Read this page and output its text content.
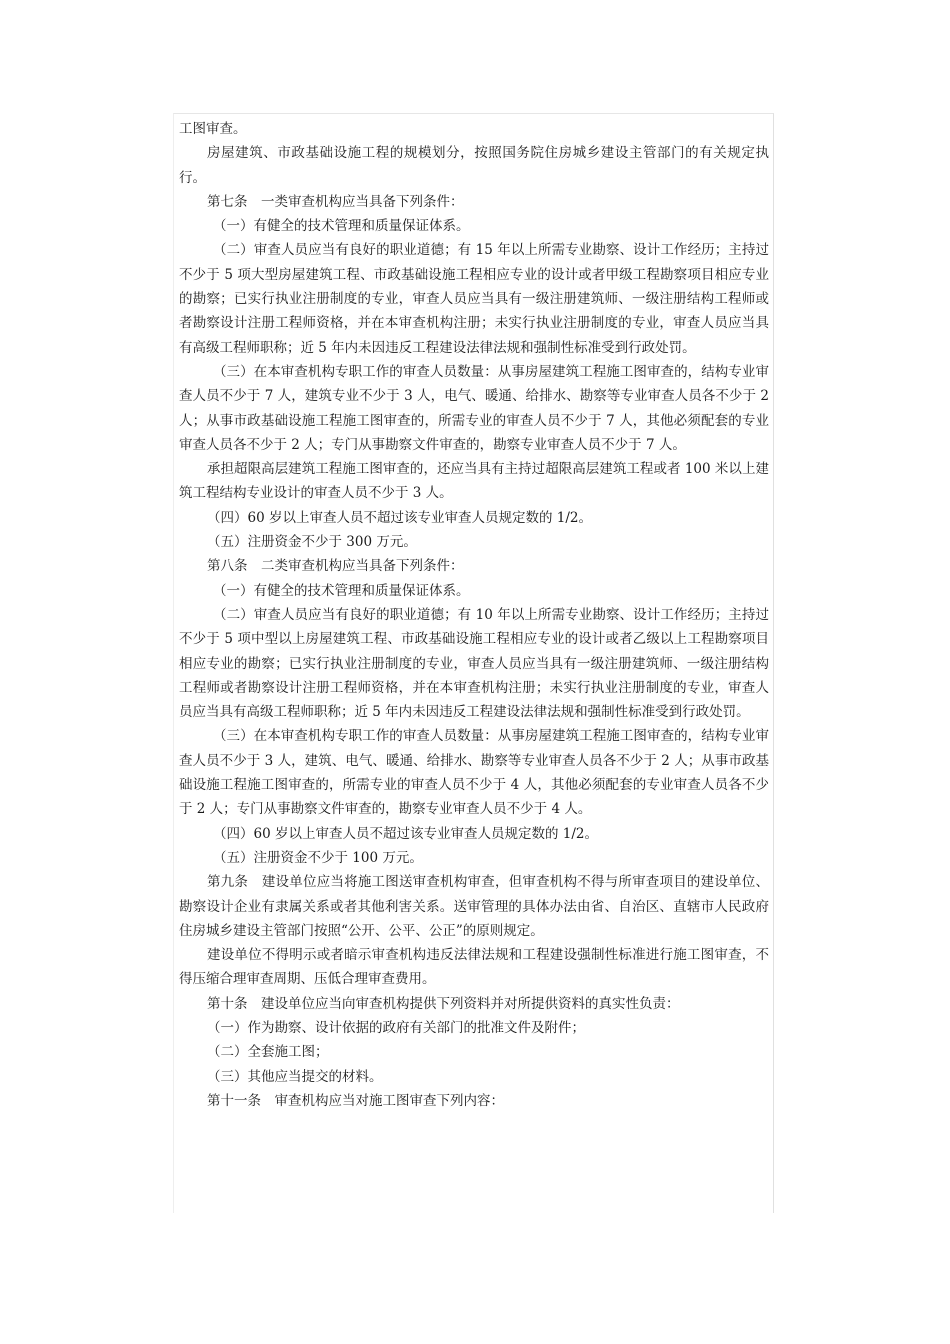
工图审查。

房屋建筑、市政基础设施工程的规模划分，按照国务院住房城乡建设主管部门的有关规定执行。

第七条　一类审查机构应当具备下列条件：

（一）有健全的技术管理和质量保证体系。

（二）审查人员应当有良好的职业道德；有 15 年以上所需专业勘察、设计工作经历；主持过不少于 5 项大型房屋建筑工程、市政基础设施工程相应专业的设计或者甲级工程勘察项目相应专业的勘察；已实行执业注册制度的专业，审查人员应当具有一级注册建筑师、一级注册结构工程师或者勘察设计注册工程师资格，并在本审查机构注册；未实行执业注册制度的专业，审查人员应当具有高级工程师职称；近 5 年内未因违反工程建设法律法规和强制性标准受到行政处罚。

（三）在本审查机构专职工作的审查人员数量：从事房屋建筑工程施工图审查的，结构专业审查人员不少于 7 人，建筑专业不少于 3 人，电气、暖通、给排水、勘察等专业审查人员各不少于 2 人；从事市政基础设施工程施工图审查的，所需专业的审查人员不少于 7 人，其他必须配套的专业审查人员各不少于 2 人；专门从事勘察文件审查的，勘察专业审查人员不少于 7 人。

承担超限高层建筑工程施工图审查的，还应当具有主持过超限高层建筑工程或者 100 米以上建筑工程结构专业设计的审查人员不少于 3 人。

（四）60 岁以上审查人员不超过该专业审查人员规定数的 1/2。

（五）注册资金不少于 300 万元。

第八条　二类审查机构应当具备下列条件：

（一）有健全的技术管理和质量保证体系。

（二）审查人员应当有良好的职业道德；有 10 年以上所需专业勘察、设计工作经历；主持过不少于 5 项中型以上房屋建筑工程、市政基础设施工程相应专业的设计或者乙级以上工程勘察项目相应专业的勘察；已实行执业注册制度的专业，审查人员应当具有一级注册建筑师、一级注册结构工程师或者勘察设计注册工程师资格，并在本审查机构注册；未实行执业注册制度的专业，审查人员应当具有高级工程师职称；近 5 年内未因违反工程建设法律法规和强制性标准受到行政处罚。

（三）在本审查机构专职工作的审查人员数量：从事房屋建筑工程施工图审查的，结构专业审查人员不少于 3 人，建筑、电气、暖通、给排水、勘察等专业审查人员各不少于 2 人；从事市政基础设施工程施工图审查的，所需专业的审查人员不少于 4 人，其他必须配套的专业审查人员各不少于 2 人；专门从事勘察文件审查的，勘察专业审查人员不少于 4 人。

（四）60 岁以上审查人员不超过该专业审查人员规定数的 1/2。

（五）注册资金不少于 100 万元。

第九条　建设单位应当将施工图送审查机构审查，但审查机构不得与所审查项目的建设单位、勘察设计企业有隶属关系或者其他利害关系。送审管理的具体办法由省、自治区、直辖市人民政府住房城乡建设主管部门按照“公开、公平、公正”的原则规定。

建设单位不得明示或者暗示审查机构违反法律法规和工程建设强制性标准进行施工图审查，不得压缩合理审查周期、压低合理审查费用。

第十条　建设单位应当向审查机构提供下列资料并对所提供资料的真实性负责：

（一）作为勘察、设计依据的政府有关部门的批准文件及附件；

（二）全套施工图；

（三）其他应当提交的材料。

第十一条　审查机构应当对施工图审查下列内容：
